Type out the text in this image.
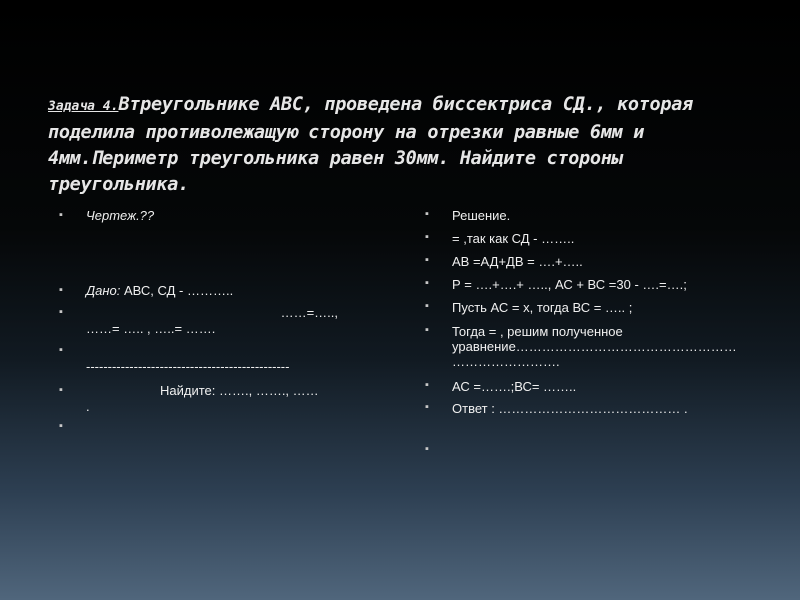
Задача 4.Втреугольнике АВС, проведена биссектриса СД., которая поделила противолежащую сторону на отрезки равные 6мм и 4мм.Периметр треугольника равен 30мм. Найдите стороны треугольника.

▪ Чертеж.??
▪ Дано: АВС, СД - ………..
▪ ……=…..,
……= ….. , …..= …….
▪ -----------------------------------------------
▪ Найдите: ……., ……., ……
.
▪
▪ Решение.
▪ = ,так как СД - ……..
▪ АВ =АД+ДВ = ….+…..
▪ Р = ….+….+ ….., АС + ВС =30 - ….=….;
▪ Пусть АС = х, тогда ВС = ….. ;
▪ Тогда = , решим полученное
уравнение……………………………………………
…………………….
▪ АС =…….;ВС= ……..
▪ Ответ : …………………………………… .
▪
